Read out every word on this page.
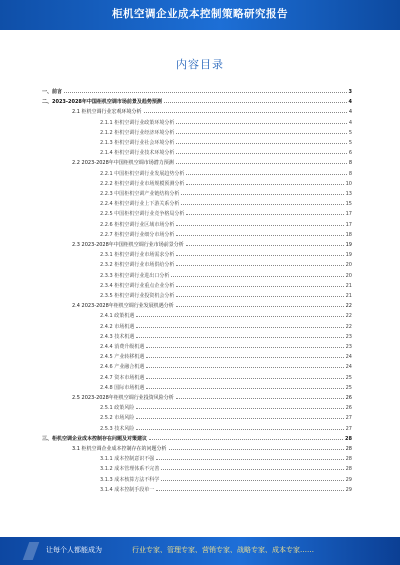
柜机空调企业成本控制策略研究报告
内容目录
一、前言	3
二、2023-2028年中国柜机空调市场前景及趋势预测	4
2.1 柜机空调行业宏观环境分析	4
2.1.1 柜机空调行业政策环境分析	4
2.1.2 柜机空调行业经济环境分析	5
2.1.3 柜机空调行业社会环境分析	5
2.1.4 柜机空调行业技术环境分析	6
2.2 2023-2028年中国柜机空调市场潜力预测	8
2.2.1 中国柜机空调行业发展趋势分析	8
2.2.2 柜机空调行业市场规模预测分析	10
2.2.3 中国柜机空调产业链结构分析	13
2.2.4 柜机空调行业上下游关系分析	15
2.2.5 中国柜机空调行业竞争格局分析	17
2.2.6 柜机空调行业区域市场分析	17
2.2.7 柜机空调行业细分市场分析	18
2.3 2023-2028年中国柜机空调行业市场前景分析	19
2.3.1 柜机空调行业市场需求分析	19
2.3.2 柜机空调行业市场供给分析	20
2.3.3 柜机空调行业进出口分析	20
2.3.4 柜机空调行业重点企业分析	21
2.3.5 柜机空调行业投资机会分析	21
2.4 2023-2028年柜机空调行业发展机遇分析	22
2.4.1 政策机遇	22
2.4.2 市场机遇	22
2.4.3 技术机遇	23
2.4.4 消费升级机遇	23
2.4.5 产业转移机遇	24
2.4.6 产业融合机遇	24
2.4.7 资本市场机遇	25
2.4.8 国际市场机遇	25
2.5 2023-2028年柜机空调行业投资风险分析	26
2.5.1 政策风险	26
2.5.2 市场风险	27
2.5.3 技术风险	27
三、柜机空调企业成本控制存在问题及对策建议	28
3.1 柜机空调企业成本控制存在的问题分析	28
3.1.1 成本控制意识不强	28
3.1.2 成本管理体系不完善	28
3.1.3 成本核算方法不科学	29
3.1.4 成本控制手段单一	29
让每个人都能成为	行业专家、管理专家、营销专家、战略专家、成本专家……
